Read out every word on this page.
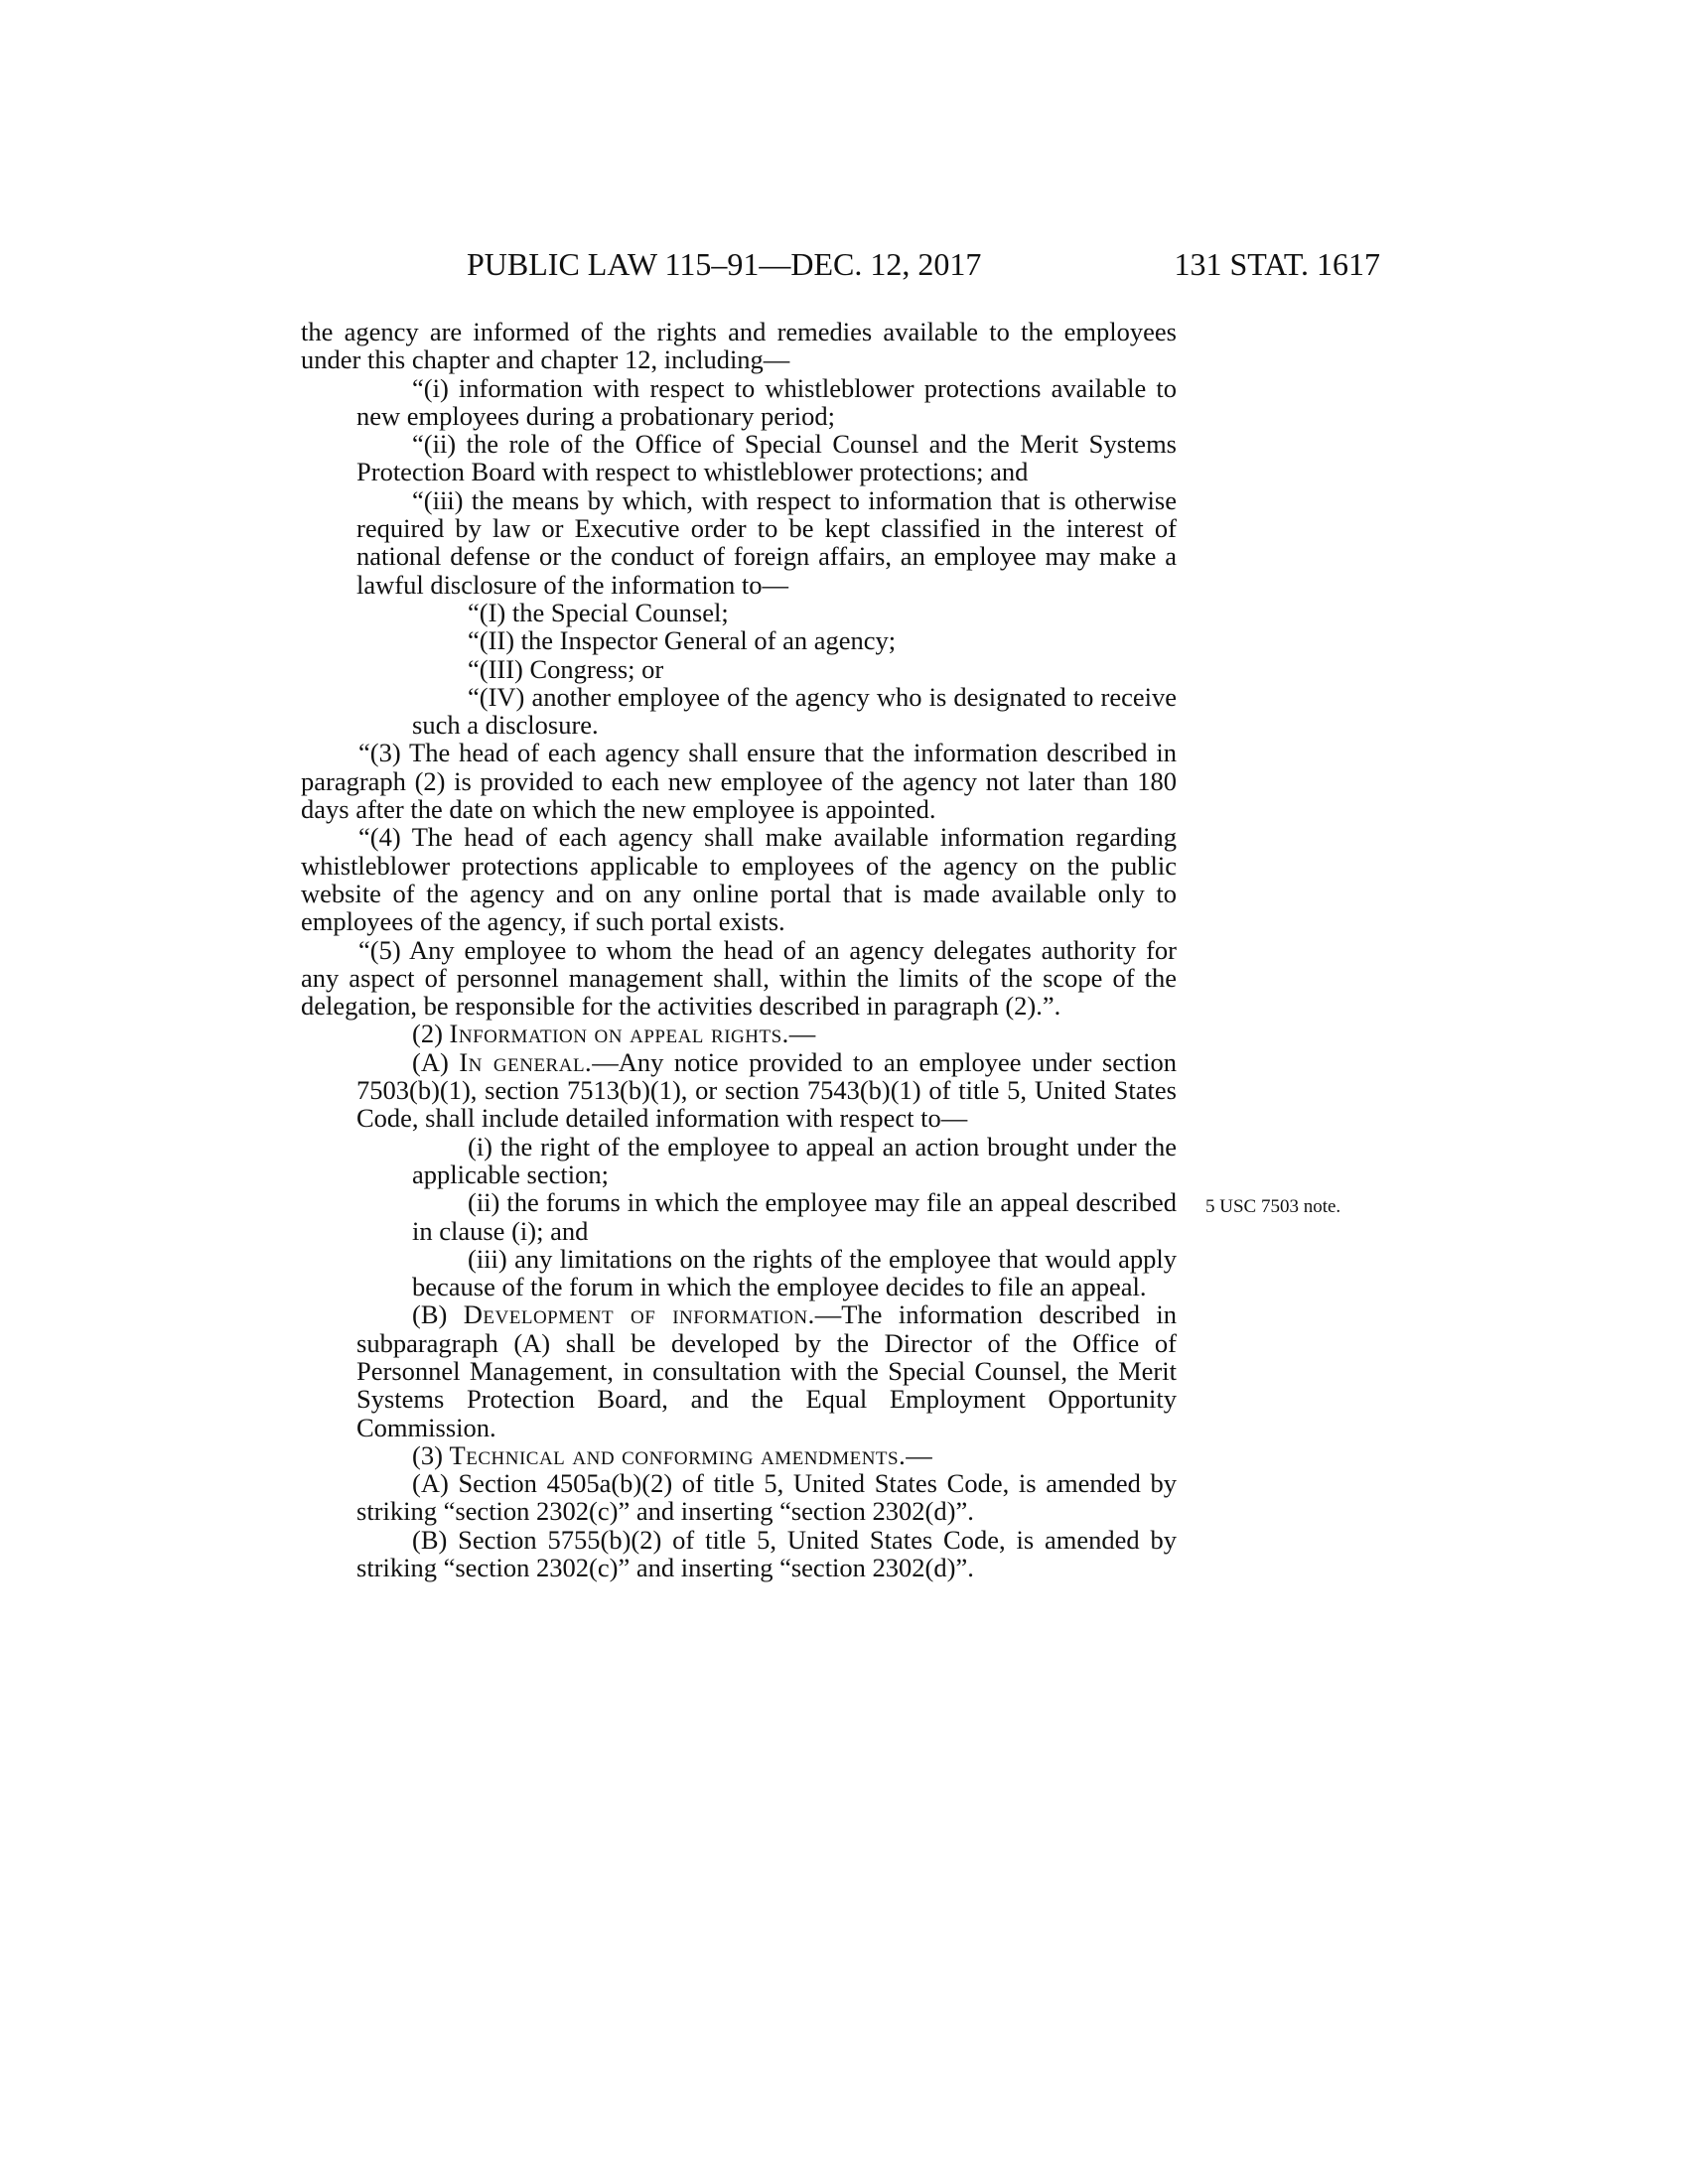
PUBLIC LAW 115–91—DEC. 12, 2017	131 STAT. 1617
5 USC 7503 note.

the agency are informed of the rights and remedies available to the employees under this chapter and chapter 12, including—

“(i) information with respect to whistleblower protections available to new employees during a probationary period;

“(ii) the role of the Office of Special Counsel and the Merit Systems Protection Board with respect to whistleblower protections; and

“(iii) the means by which, with respect to information that is otherwise required by law or Executive order to be kept classified in the interest of national defense or the conduct of foreign affairs, an employee may make a lawful disclosure of the information to—

“(I) the Special Counsel;

“(II) the Inspector General of an agency;

“(III) Congress; or

“(IV) another employee of the agency who is designated to receive such a disclosure.

“(3) The head of each agency shall ensure that the information described in paragraph (2) is provided to each new employee of the agency not later than 180 days after the date on which the new employee is appointed.

“(4) The head of each agency shall make available information regarding whistleblower protections applicable to employees of the agency on the public website of the agency and on any online portal that is made available only to employees of the agency, if such portal exists.

“(5) Any employee to whom the head of an agency delegates authority for any aspect of personnel management shall, within the limits of the scope of the delegation, be responsible for the activities described in paragraph (2).”.

(2) Information on appeal rights.—

(A) In general.—Any notice provided to an employee under section 7503(b)(1), section 7513(b)(1), or section 7543(b)(1) of title 5, United States Code, shall include detailed information with respect to—

(i) the right of the employee to appeal an action brought under the applicable section;

(ii) the forums in which the employee may file an appeal described in clause (i); and

(iii) any limitations on the rights of the employee that would apply because of the forum in which the employee decides to file an appeal.

(B) Development of information.—The information described in subparagraph (A) shall be developed by the Director of the Office of Personnel Management, in consultation with the Special Counsel, the Merit Systems Protection Board, and the Equal Employment Opportunity Commission.

(3) Technical and conforming amendments.—

(A) Section 4505a(b)(2) of title 5, United States Code, is amended by striking “section 2302(c)” and inserting “section 2302(d)”.

(B) Section 5755(b)(2) of title 5, United States Code, is amended by striking “section 2302(c)” and inserting “section 2302(d)”.
